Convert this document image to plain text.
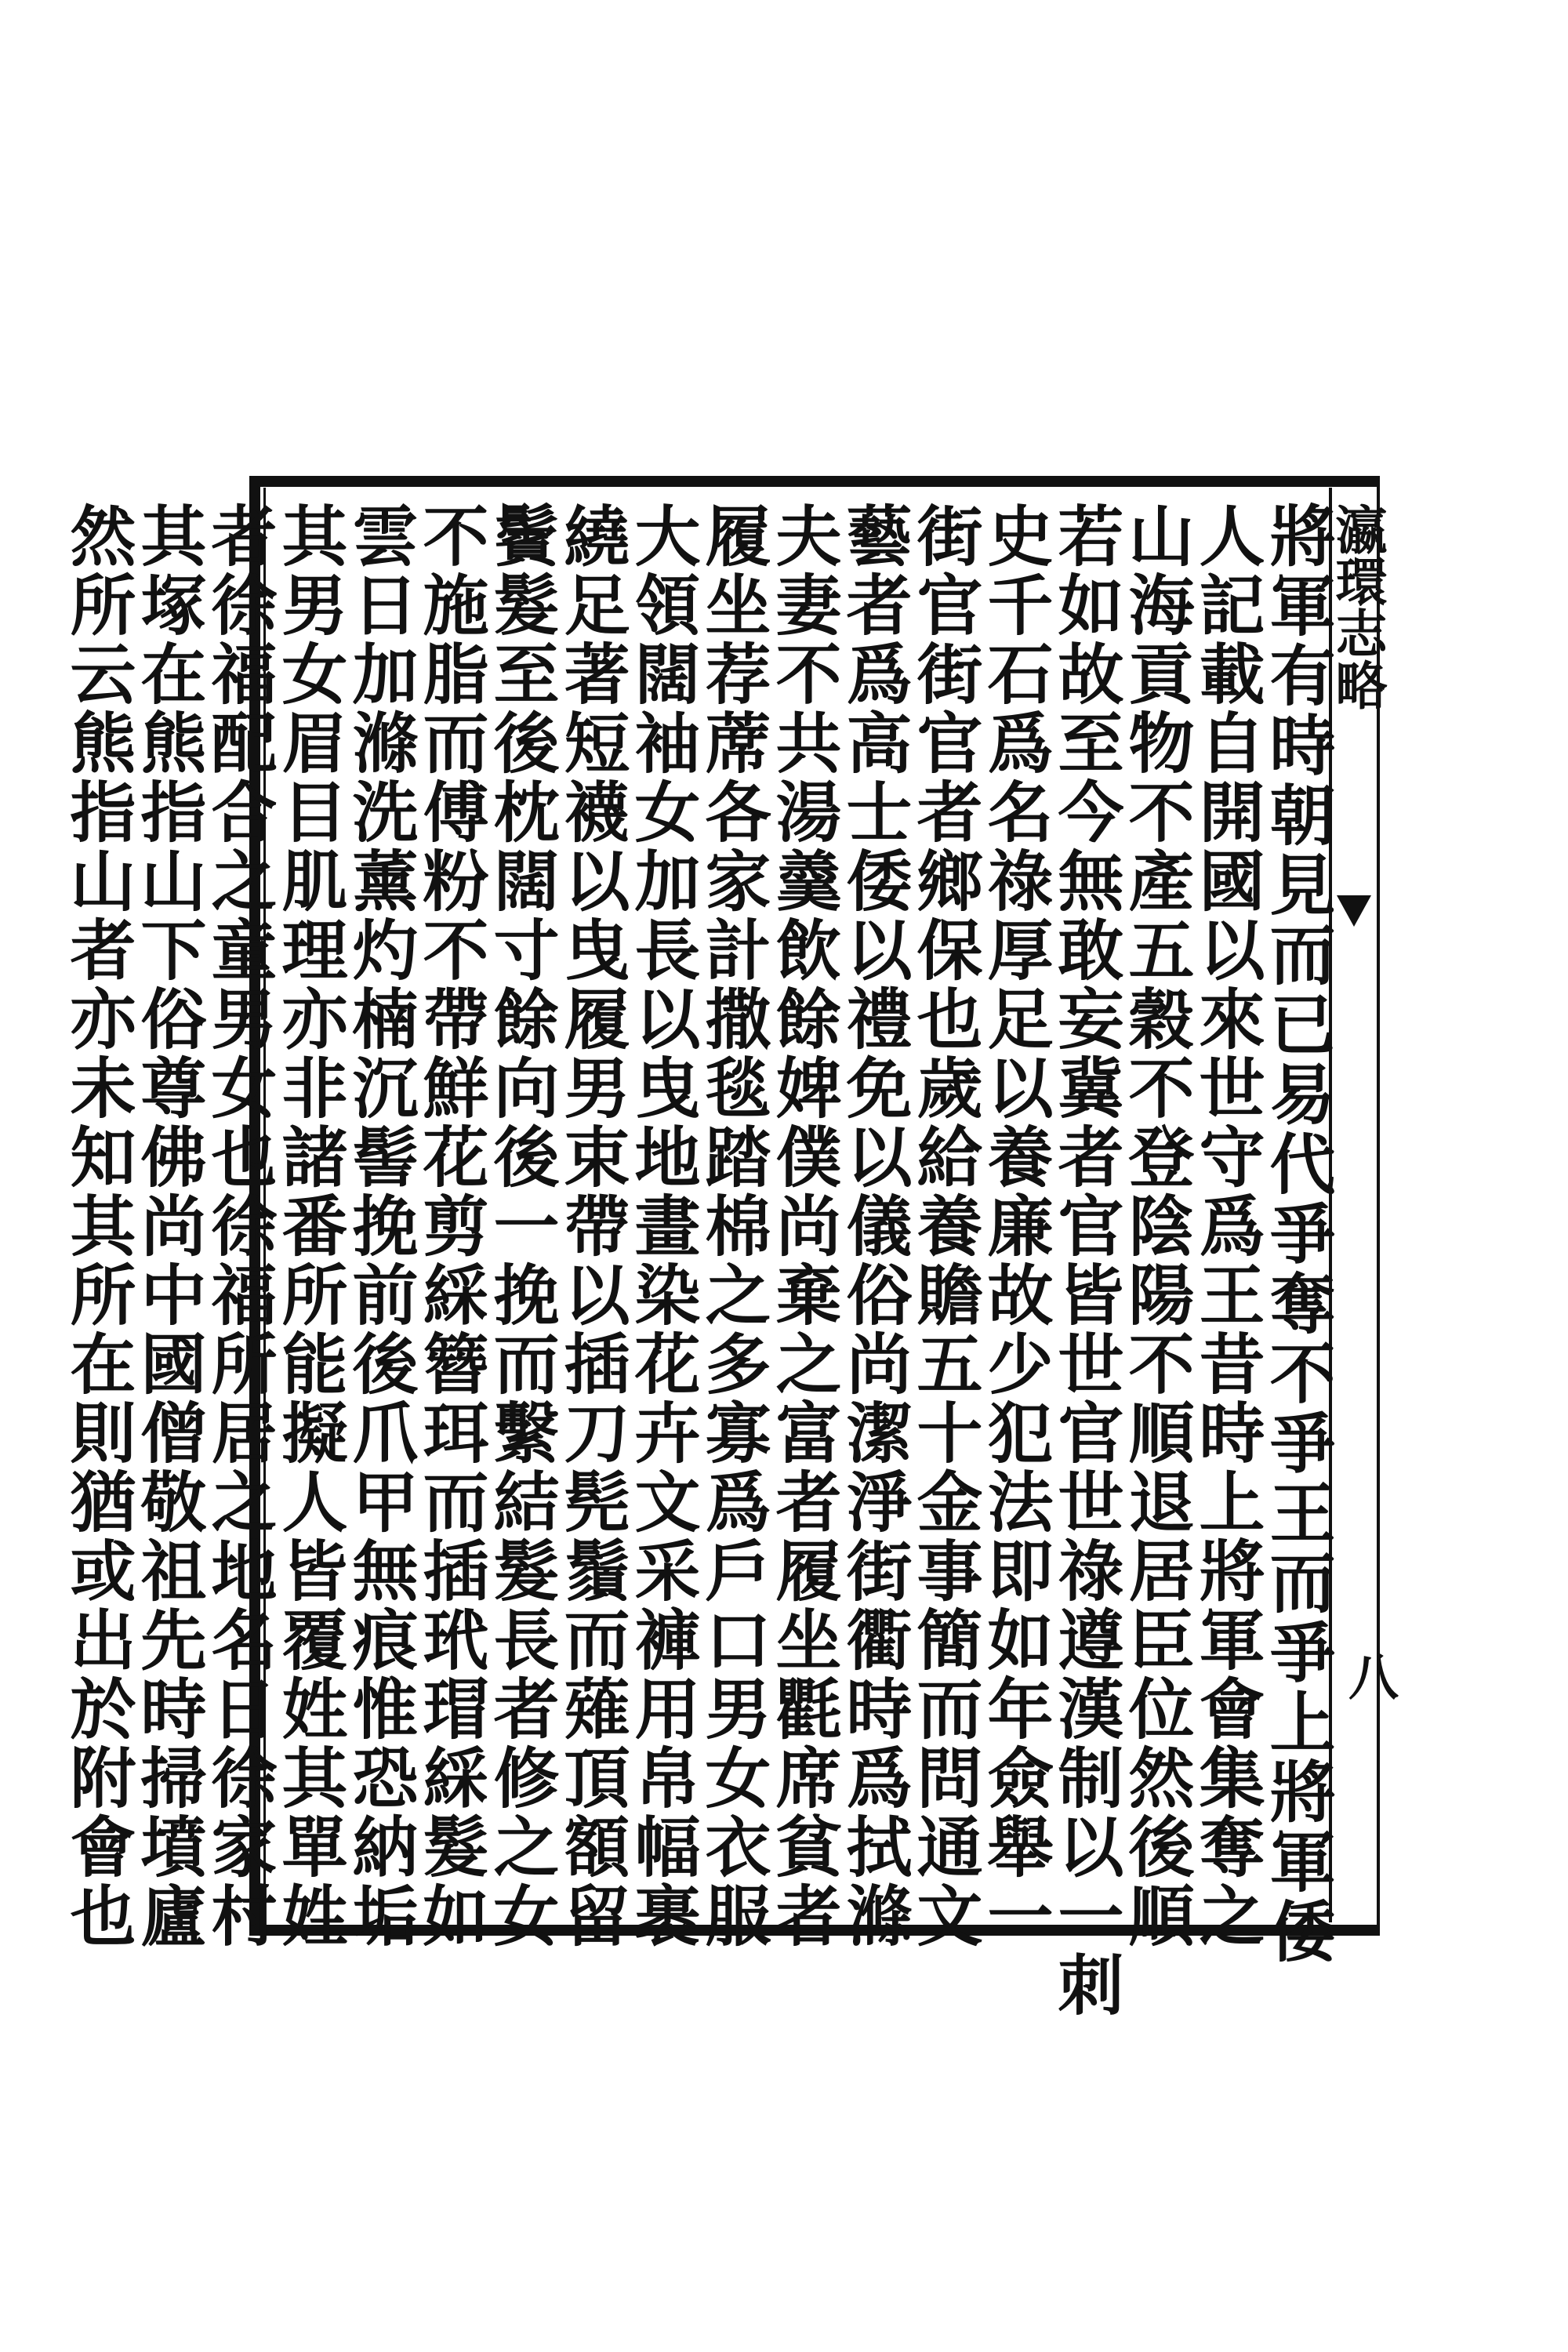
瀛環志略
八
將軍有時朝見而已易代爭奪不爭王而爭上將軍倭
人記載自開國以來世守爲王昔時上將軍會集奪之
山海貢物不產五穀不登陰陽不順退居臣位然後順
若如故至今無敢妄冀者官皆世官世祿遵漢制以一刺
史千石爲名祿厚足以養廉故少犯法即如年僉舉一
街官街官者鄉保也歲給養贍五十金事簡而問通文
藝者爲高士倭以禮免以儀俗尚潔淨街衢時爲拭滌
夫妻不共湯羹飲餘婢僕尚棄之富者履坐氍席貧者
履坐荐蓆各家計撒毯踏棉之多寡爲戶口男女衣服
大領闊袖女加長以曳地畫染花卉文采褲用帛幅裹
繞足著短襪以曳履男束帶以插刀髡鬚而薙頂額留
鬢髮至後枕闊寸餘向後一挽而繫結髮長者修之女
不施脂而傅粉不帶鮮花剪綵簪珥而插玳瑁綵髮如
雲日加滌洗薰灼楠沉髻挽前後爪甲無痕惟恐納垢
其男女眉目肌理亦非諸番所能擬人皆覆姓其單姓
者徐福配合之童男女也徐福所居之地名日徐家村
其塚在熊指山下俗尊佛尚中國僧敬祖先時掃墳廬
然所云熊指山者亦未知其所在則猶或出於附會也
